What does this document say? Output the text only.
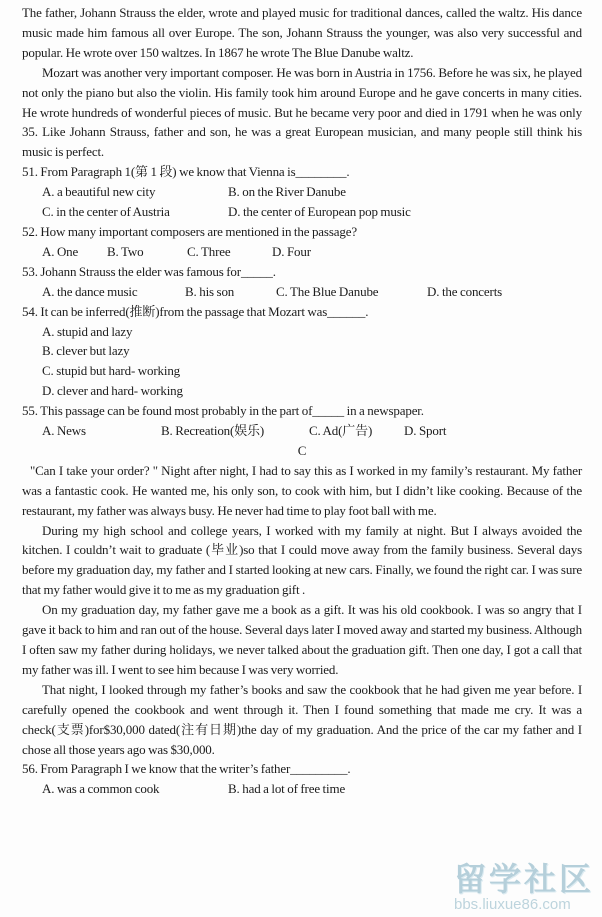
The father, Johann Strauss the elder, wrote and played music for traditional dances, called the waltz. His dance music made him famous all over Europe. The son, Johann Strauss the younger, was also very successful and popular. He wrote over 150 waltzes. In 1867 he wrote The Blue Danube waltz.

Mozart was another very important composer. He was born in Austria in 1756. Before he was six, he played not only the piano but also the violin. His family took him around Europe and he gave concerts in many cities. He wrote hundreds of wonderful pieces of music. But he became very poor and died in 1791 when he was only 35. Like Johann Strauss, father and son, he was a great European musician, and many people still think his music is perfect.

51. From Paragraph 1(第 1 段) we know that Vienna is________.

A. a beautiful new city	B. on the River Danube
C. in the center of Austria	D. the center of European pop music

52. How many important composers are mentioned in the passage?

A. One	B. Two	C. Three	D. Four

53. Johann Strauss the elder was famous for_____.

A. the dance music	B. his son	C. The Blue Danube	D. the concerts

54. It can be inferred(推断)from the passage that Mozart was______.

A. stupid and lazy
B. clever but lazy
C. stupid but hard- working
D. clever and hard- working

55. This passage can be found most probably in the part of_____ in a newspaper.

A. News	B. Recreation(娱乐)	C. Ad(广告)	D. Sport

C

"Can I take your order? " Night after night, I had to say this as I worked in my family’s restaurant. My father was a fantastic cook. He wanted me, his only son, to cook with him, but I didn’t like cooking. Because of the restaurant, my father was always busy. He never had time to play foot ball with me.

During my high school and college years, I worked with my family at night. But I always avoided the kitchen. I couldn’t wait to graduate (毕业)so that I could move away from the family business. Several days before my graduation day, my father and I started looking at new cars. Finally, we found the right car. I was sure that my father would give it to me as my graduation gift .

On my graduation day, my father gave me a book as a gift. It was his old cookbook. I was so angry that I gave it back to him and ran out of the house. Several days later I moved away and started my business. Although I often saw my father during holidays, we never talked about the graduation gift. Then one day, I got a call that my father was ill. I went to see him because I was very worried.

That night, I looked through my father’s books and saw the cookbook that he had given me year before. I carefully opened the cookbook and went through it. Then I found something that made me cry. It was a check(支票)for$30,000 dated(注有日期)the day of my graduation. And the price of the car my father and I chose all those years ago was $30,000.

56. From Paragraph I we know that the writer’s father_________.

A. was a common cook	B. had a lot of free time
留学社区
bbs.liuxue86.com
